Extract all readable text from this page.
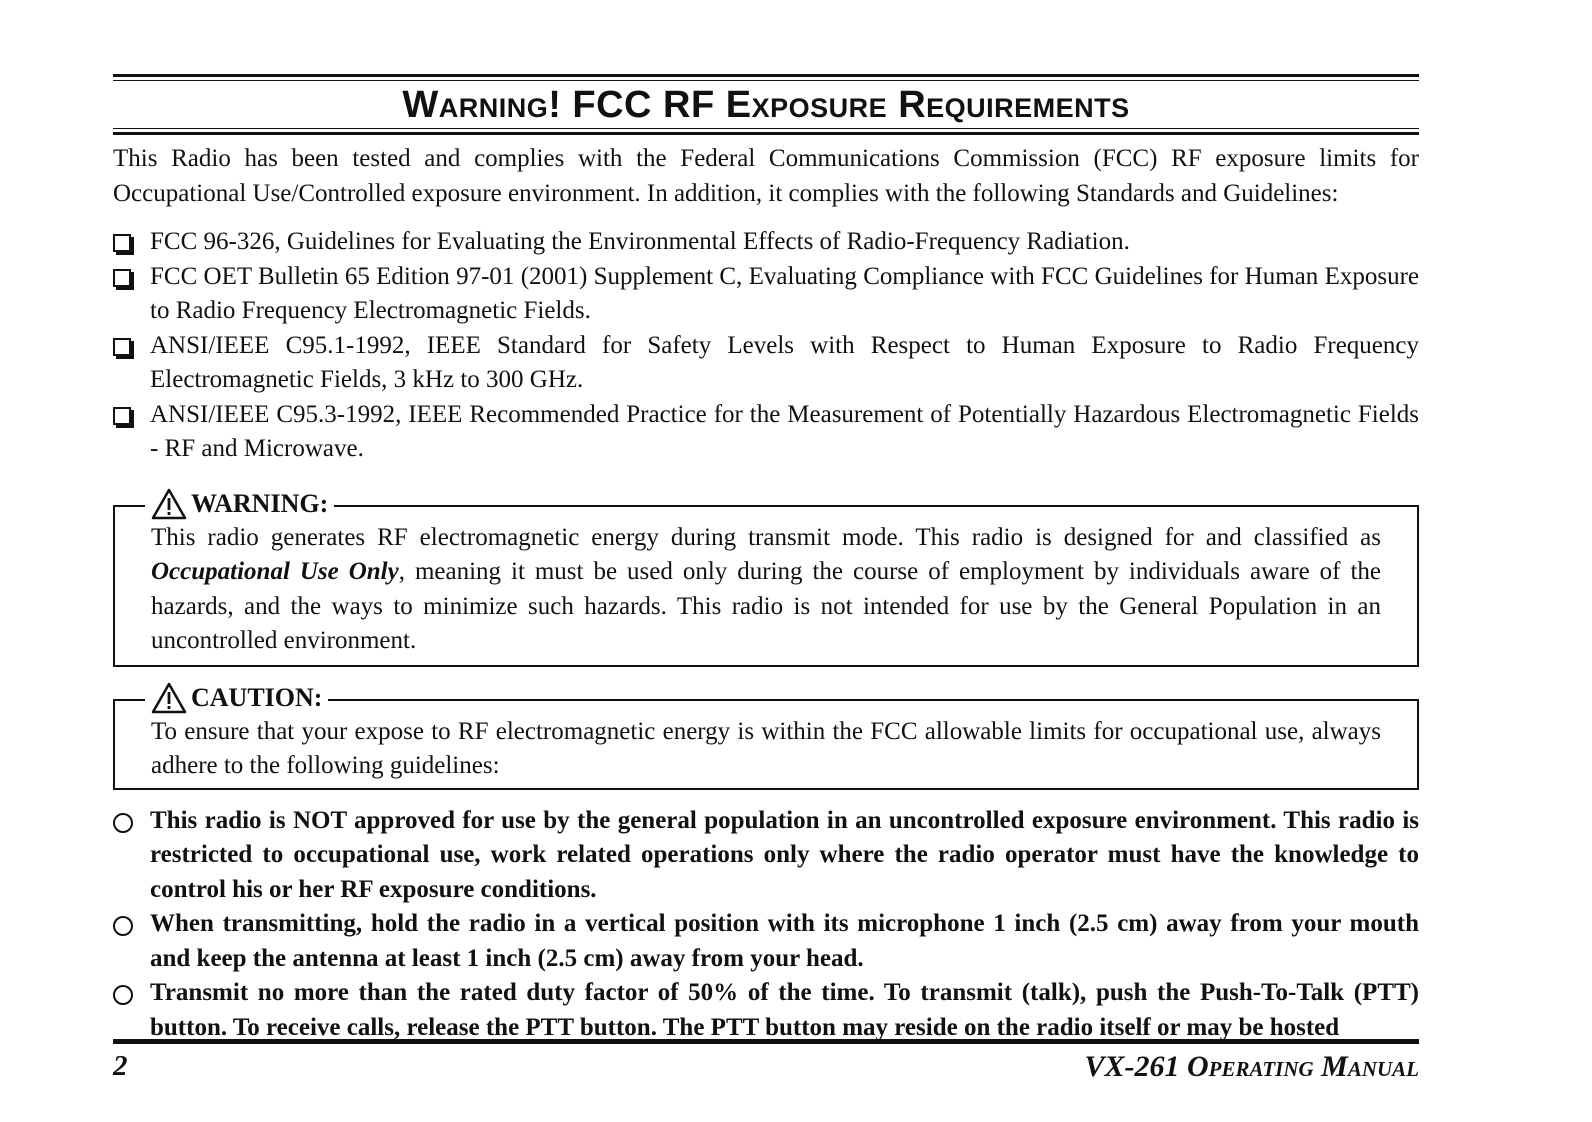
Warning! FCC RF Exposure Requirements

This Radio has been tested and complies with the Federal Communications Commission (FCC) RF exposure limits for Occupational Use/Controlled exposure environment. In addition, it complies with the following Standards and Guidelines:

FCC 96-326, Guidelines for Evaluating the Environmental Effects of Radio-Frequency Radiation.
FCC OET Bulletin 65 Edition 97-01 (2001) Supplement C, Evaluating Compliance with FCC Guidelines for Human Exposure to Radio Frequency Electromagnetic Fields.
ANSI/IEEE C95.1-1992, IEEE Standard for Safety Levels with Respect to Human Exposure to Radio Frequency Electromagnetic Fields, 3 kHz to 300 GHz.
ANSI/IEEE C95.3-1992, IEEE Recommended Practice for the Measurement of Potentially Hazardous Electromagnetic Fields - RF and Microwave.
WARNING:
This radio generates RF electromagnetic energy during transmit mode. This radio is designed for and classified as Occupational Use Only, meaning it must be used only during the course of employment by individuals aware of the hazards, and the ways to minimize such hazards. This radio is not intended for use by the General Population in an uncontrolled environment.
CAUTION:
To ensure that your expose to RF electromagnetic energy is within the FCC allowable limits for occupational use, always adhere to the following guidelines:
This radio is NOT approved for use by the general population in an uncontrolled exposure environment. This radio is restricted to occupational use, work related operations only where the radio operator must have the knowledge to control his or her RF exposure conditions.
When transmitting, hold the radio in a vertical position with its microphone 1 inch (2.5 cm) away from your mouth and keep the antenna at least 1 inch (2.5 cm) away from your head.
Transmit no more than the rated duty factor of 50% of the time. To transmit (talk), push the Push-To-Talk (PTT) button. To receive calls, release the PTT button. The PTT button may reside on the radio itself or may be hosted
2	VX-261 Operating Manual
